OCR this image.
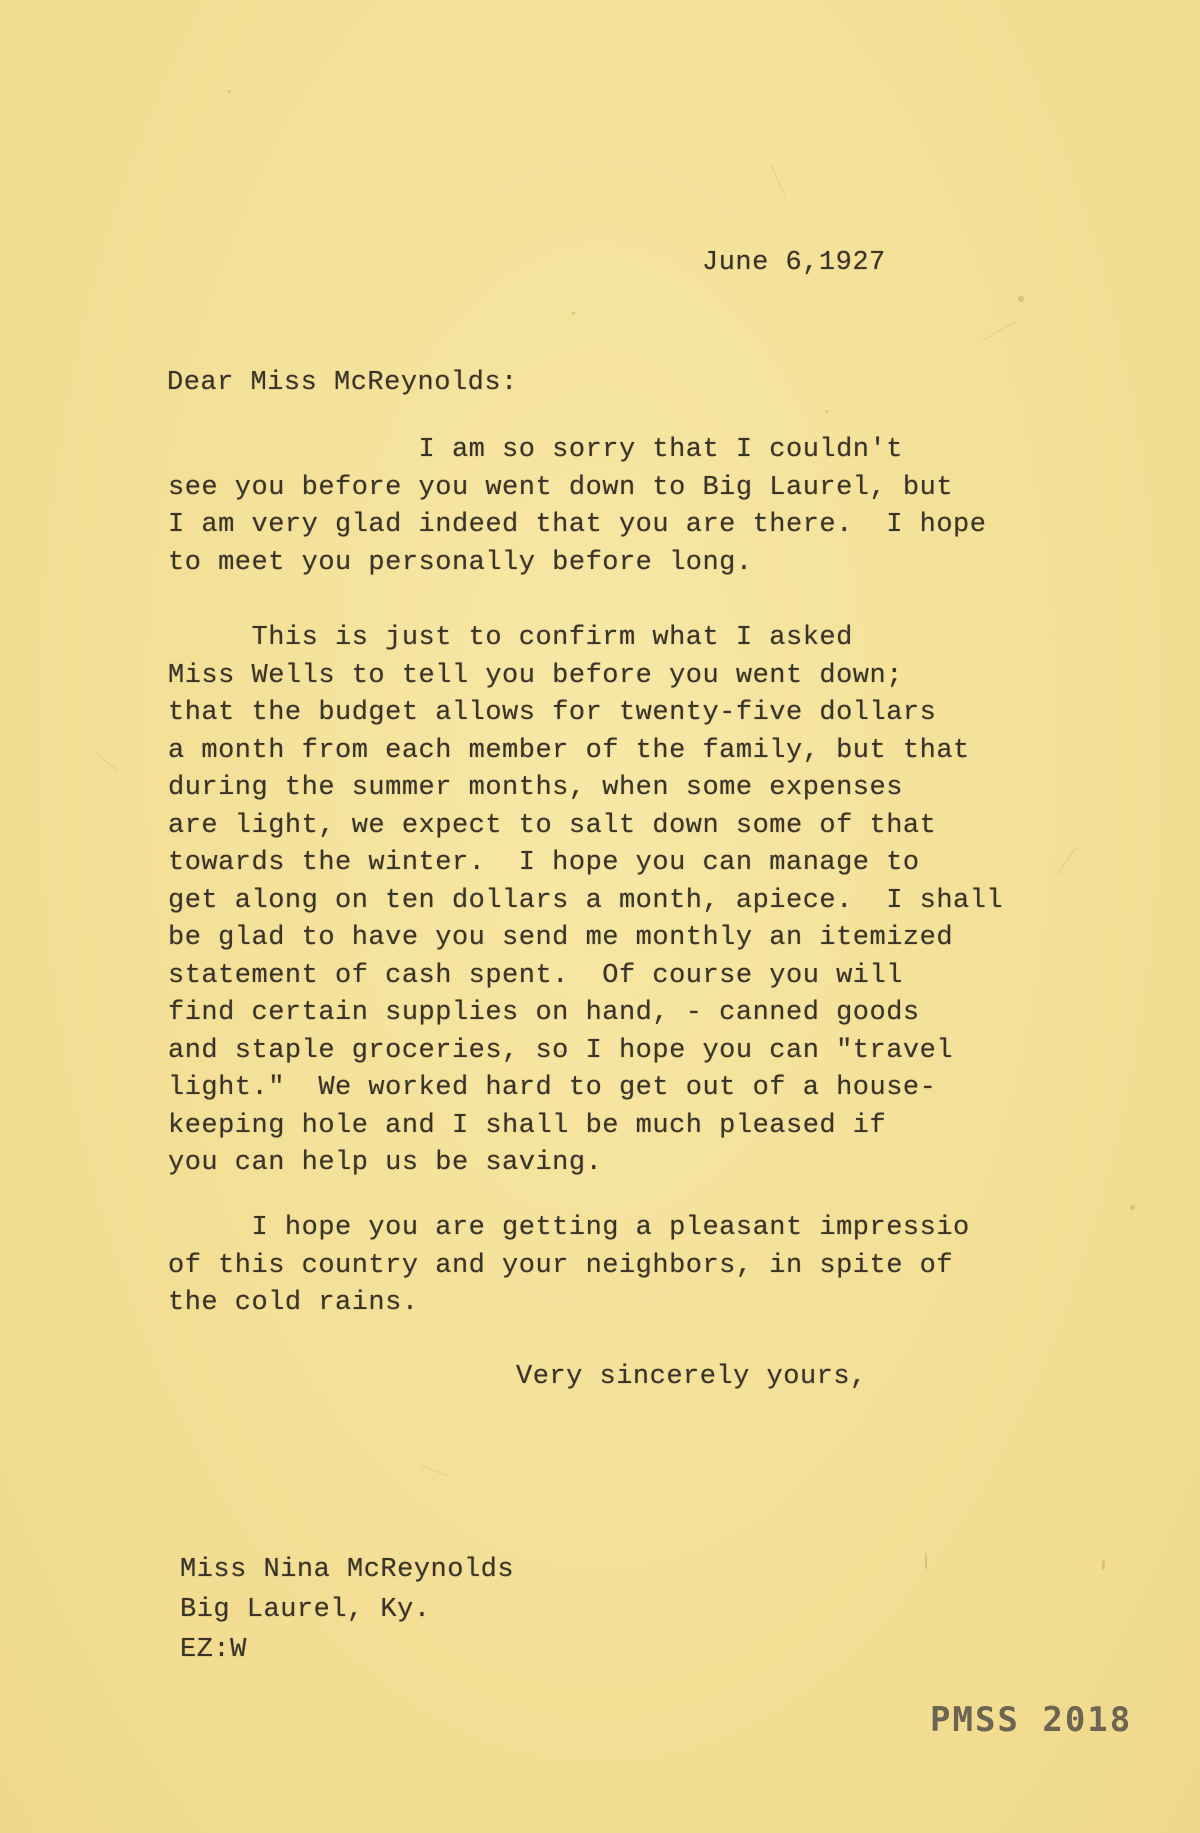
June 6,1927

Dear Miss McReynolds:

I am so sorry that I couldn't
see you before you went down to Big Laurel, but
I am very glad indeed that you are there.  I hope
to meet you personally before long.
This is just to confirm what I asked
Miss Wells to tell you before you went down;
that the budget allows for twenty-five dollars
a month from each member of the family, but that
during the summer months, when some expenses
are light, we expect to salt down some of that
towards the winter.  I hope you can manage to
get along on ten dollars a month, apiece.  I shall
be glad to have you send me monthly an itemized
statement of cash spent.  Of course you will
find certain supplies on hand, - canned goods
and staple groceries, so I hope you can "travel
light."  We worked hard to get out of a house-
keeping hole and I shall be much pleased if
you can help us be saving.
I hope you are getting a pleasant impressio
of this country and your neighbors, in spite of
the cold rains.

Very sincerely yours,

Miss Nina McReynolds
Big Laurel, Ky.
EZ:W

PMSS 2018
